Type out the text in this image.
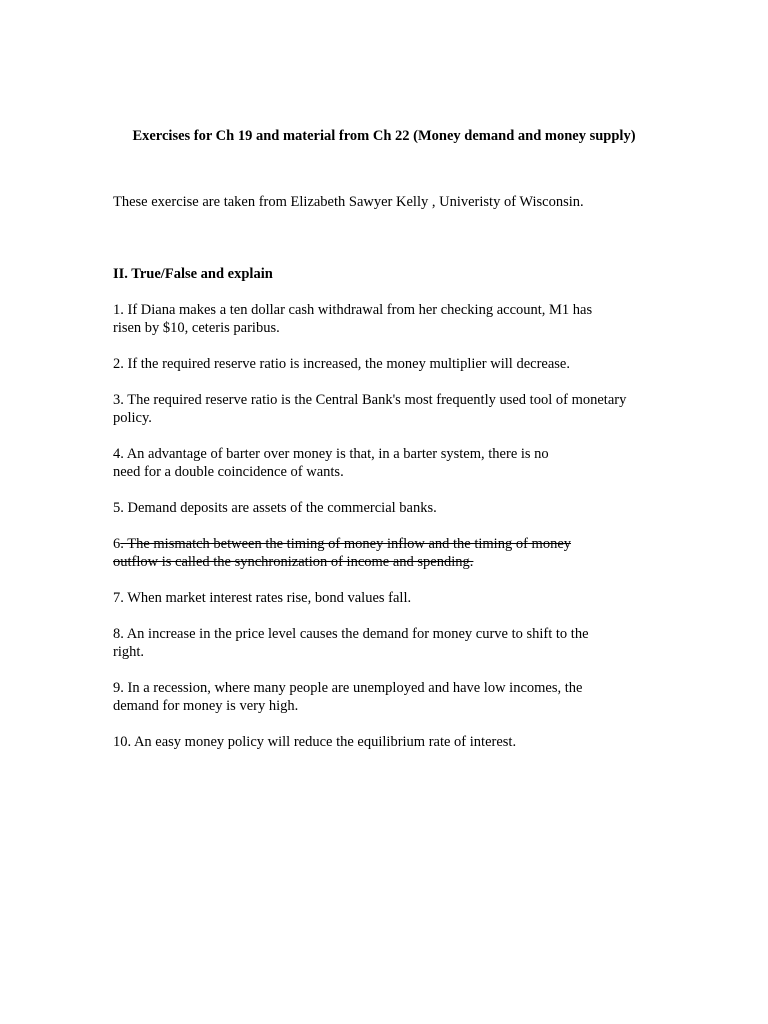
Exercises for Ch 19 and material from Ch 22 (Money demand and money supply)

These exercise are taken from Elizabeth Sawyer Kelly , Univeristy of Wisconsin.

II. True/False and explain

1. If Diana makes a ten dollar cash withdrawal from her checking account, M1 has risen by $10, ceteris paribus.
2. If the required reserve ratio is increased, the money multiplier will decrease.
3. The required reserve ratio is the Central Bank's most frequently used tool of monetary policy.
4. An advantage of barter over money is that, in a barter system, there is no need for a double coincidence of wants.
5. Demand deposits are assets of the commercial banks.
6. The mismatch between the timing of money inflow and the timing of money outflow is called the synchronization of income and spending.
7. When market interest rates rise, bond values fall.
8. An increase in the price level causes the demand for money curve to shift to the right.
9. In a recession, where many people are unemployed and have low incomes, the demand for money is very high.
10. An easy money policy will reduce the equilibrium rate of interest.
